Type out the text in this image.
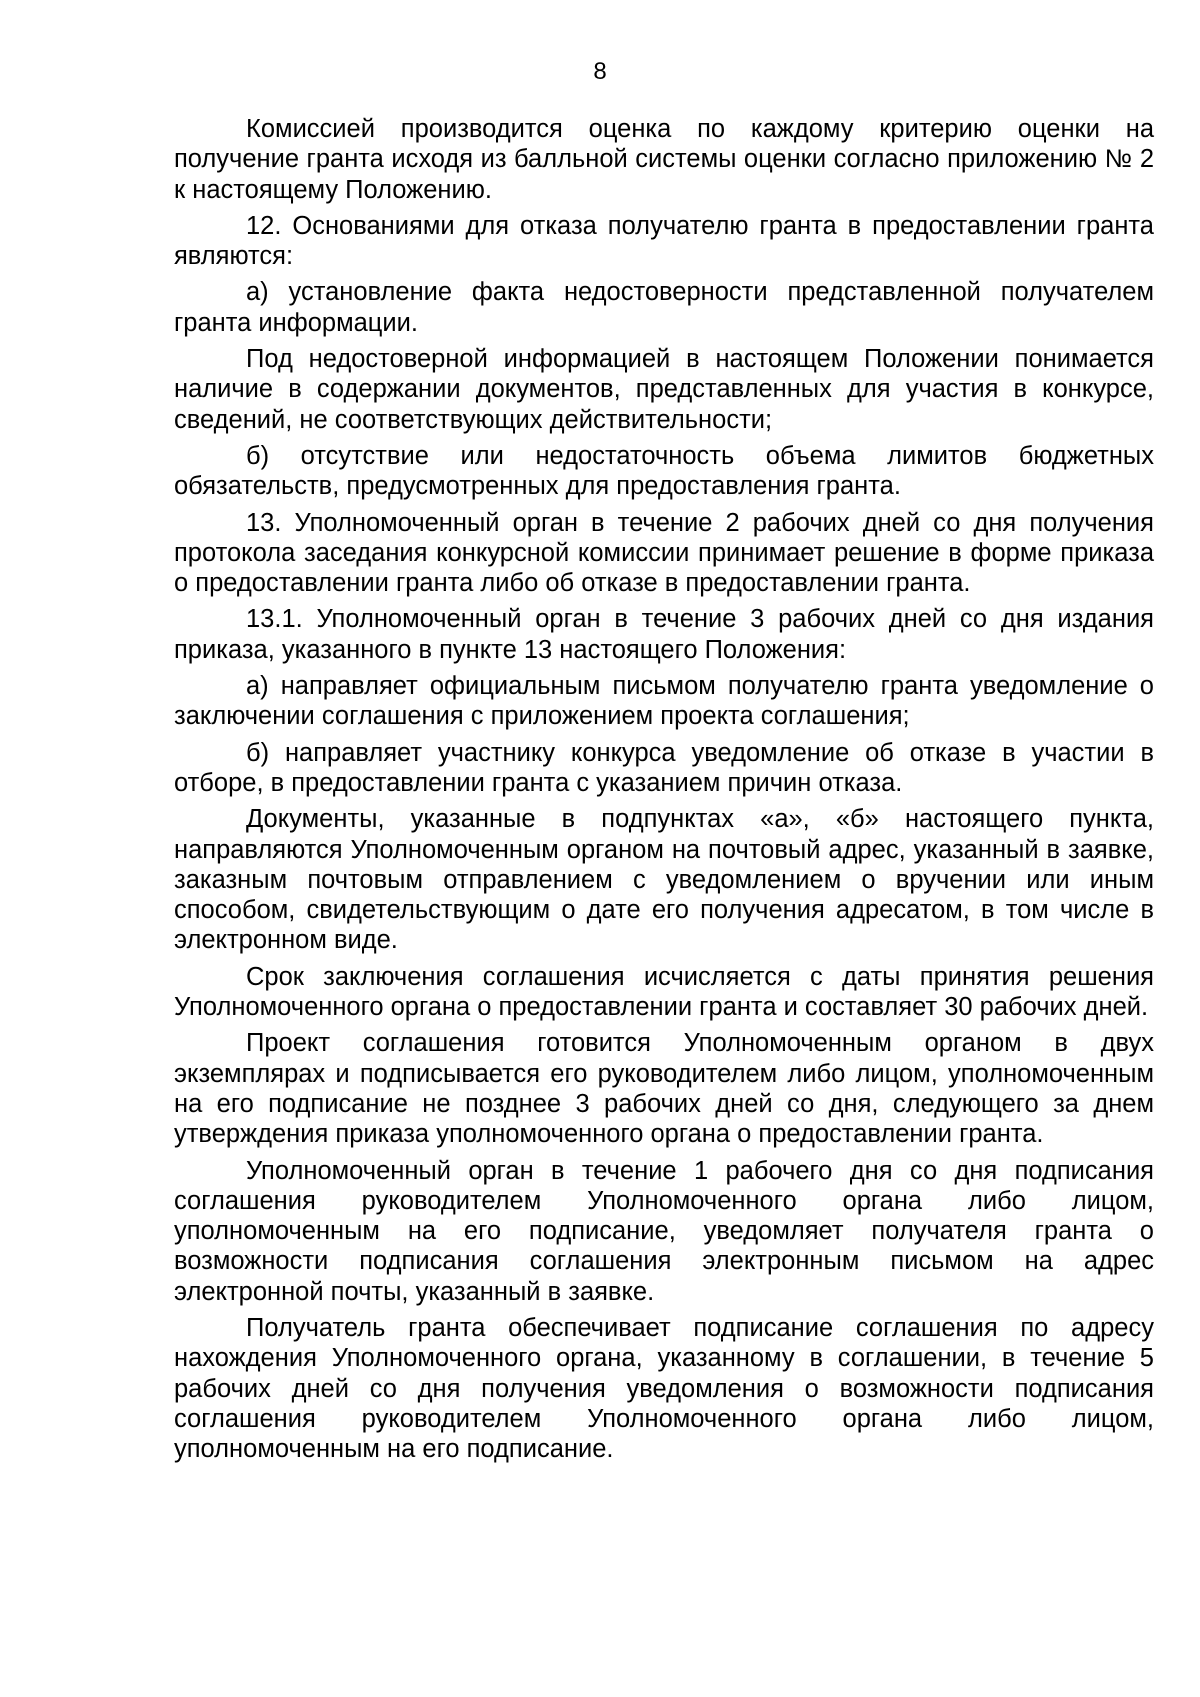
8

Комиссией производится оценка по каждому критерию оценки на получение гранта исходя из балльной системы оценки согласно приложению № 2 к настоящему Положению.

12. Основаниями для отказа получателю гранта в предоставлении гранта являются:

а) установление факта недостоверности представленной получателем гранта информации.

Под недостоверной информацией в настоящем Положении понимается наличие в содержании документов, представленных для участия в конкурсе, сведений, не соответствующих действительности;

б) отсутствие или недостаточность объема лимитов бюджетных обязательств, предусмотренных для предоставления гранта.

13. Уполномоченный орган в течение 2 рабочих дней со дня получения протокола заседания конкурсной комиссии принимает решение в форме приказа о предоставлении гранта либо об отказе в предоставлении гранта.

13.1. Уполномоченный орган в течение 3 рабочих дней со дня издания приказа, указанного в пункте 13 настоящего Положения:

а) направляет официальным письмом получателю гранта уведомление о заключении соглашения с приложением проекта соглашения;

б) направляет участнику конкурса уведомление об отказе в участии в отборе, в предоставлении гранта с указанием причин отказа.

Документы, указанные в подпунктах «а», «б» настоящего пункта, направляются Уполномоченным органом на почтовый адрес, указанный в заявке, заказным почтовым отправлением с уведомлением о вручении или иным способом, свидетельствующим о дате его получения адресатом, в том числе в электронном виде.

Срок заключения соглашения исчисляется с даты принятия решения Уполномоченного органа о предоставлении гранта и составляет 30 рабочих дней.

Проект соглашения готовится Уполномоченным органом в двух экземплярах и подписывается его руководителем либо лицом, уполномоченным на его подписание не позднее 3 рабочих дней со дня, следующего за днем утверждения приказа уполномоченного органа о предоставлении гранта.

Уполномоченный орган в течение 1 рабочего дня со дня подписания соглашения руководителем Уполномоченного органа либо лицом, уполномоченным на его подписание, уведомляет получателя гранта о возможности подписания соглашения электронным письмом на адрес электронной почты, указанный в заявке.

Получатель гранта обеспечивает подписание соглашения по адресу нахождения Уполномоченного органа, указанному в соглашении, в течение 5 рабочих дней со дня получения уведомления о возможности подписания соглашения руководителем Уполномоченного органа либо лицом, уполномоченным на его подписание.
